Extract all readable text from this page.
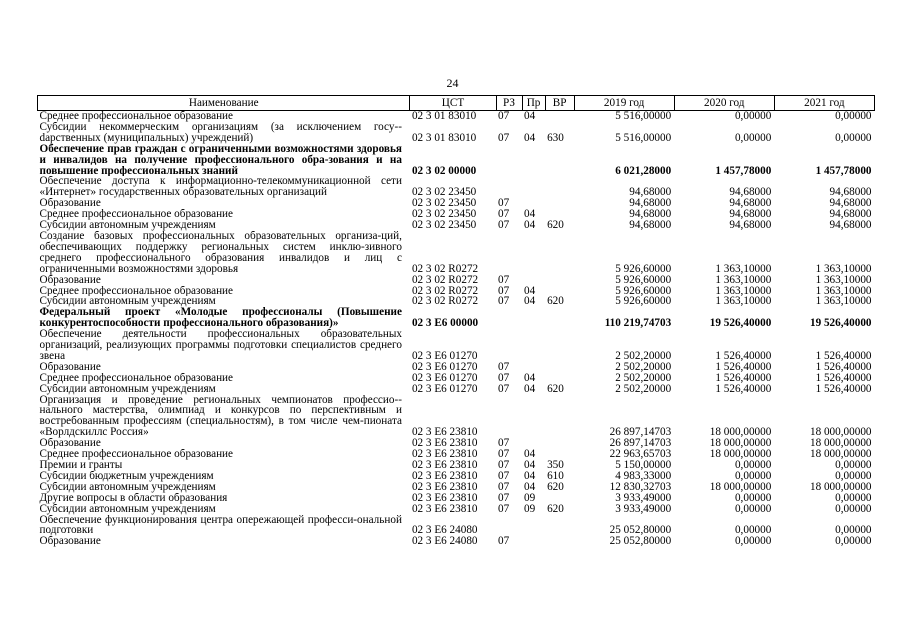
24
Наименование	ЦСТ	РЗ	Пр	ВР	2019 год	2020 год	2021 год
Среднее профессиональное образование	02 3 01 83010	07	04		5 516,00000	0,00000	0,00000
Субсидии некоммерческим организациям (за исключением госу-dарственных (муниципальных) учреждений)	02 3 01 83010	07	04	630	5 516,00000	0,00000	0,00000
Обеспечение прав граждан с ограниченными возможностями здоровья и инвалидов на получение профессионального обра-зования и на повышение профессиональных знаний	02 3 02 00000				6 021,28000	1 457,78000	1 457,78000
Обеспечение доступа к информационно-телекоммуникационной сети «Интернет» государственных образовательных организаций	02 3 02 23450				94,68000	94,68000	94,68000
Образование	02 3 02 23450	07			94,68000	94,68000	94,68000
Среднее профессиональное образование	02 3 02 23450	07	04		94,68000	94,68000	94,68000
Субсидии автономным учреждениям	02 3 02 23450	07	04	620	94,68000	94,68000	94,68000
Создание базовых профессиональных образовательных организа-ций, обеспечивающих поддержку региональных систем инклю-зивного среднего профессионального образования инвалидов и лиц с ограниченными возможностями здоровья	02 3 02 R0272				5 926,60000	1 363,10000	1 363,10000
Образование	02 3 02 R0272	07			5 926,60000	1 363,10000	1 363,10000
Среднее профессиональное образование	02 3 02 R0272	07	04		5 926,60000	1 363,10000	1 363,10000
Субсидии автономным учреждениям	02 3 02 R0272	07	04	620	5 926,60000	1 363,10000	1 363,10000
Федеральный проект «Молодые профессионалы (Повышение конкурентоспособности профессионального образования)»	02 3 Е6 00000				110 219,74703	19 526,40000	19 526,40000
Обеспечение деятельности профессиональных образовательных организаций, реализующих программы подготовки специалистов среднего звена	02 3 Е6 01270				2 502,20000	1 526,40000	1 526,40000
Образование	02 3 Е6 01270	07			2 502,20000	1 526,40000	1 526,40000
Среднее профессиональное образование	02 3 Е6 01270	07	04		2 502,20000	1 526,40000	1 526,40000
Субсидии автономным учреждениям	02 3 Е6 01270	07	04	620	2 502,20000	1 526,40000	1 526,40000
Организация и проведение региональных чемпионатов профессио-нального мастерства, олимпиад и конкурсов по перспективным и востребованным профессиям (специальностям), в том числе чем-пионата «Ворлдскиллс Россия»	02 3 Е6 23810				26 897,14703	18 000,00000	18 000,00000
Образование	02 3 Е6 23810	07			26 897,14703	18 000,00000	18 000,00000
Среднее профессиональное образование	02 3 Е6 23810	07	04		22 963,65703	18 000,00000	18 000,00000
Премии и гранты	02 3 Е6 23810	07	04	350	5 150,00000	0,00000	0,00000
Субсидии бюджетным учреждениям	02 3 Е6 23810	07	04	610	4 983,33000	0,00000	0,00000
Субсидии автономным учреждениям	02 3 Е6 23810	07	04	620	12 830,32703	18 000,00000	18 000,00000
Другие вопросы в области образования	02 3 Е6 23810	07	09		3 933,49000	0,00000	0,00000
Субсидии автономным учреждениям	02 3 Е6 23810	07	09	620	3 933,49000	0,00000	0,00000
Обеспечение функционирования центра опережающей професси-ональной подготовки	02 3 Е6 24080				25 052,80000	0,00000	0,00000
Образование	02 3 Е6 24080	07			25 052,80000	0,00000	0,00000
